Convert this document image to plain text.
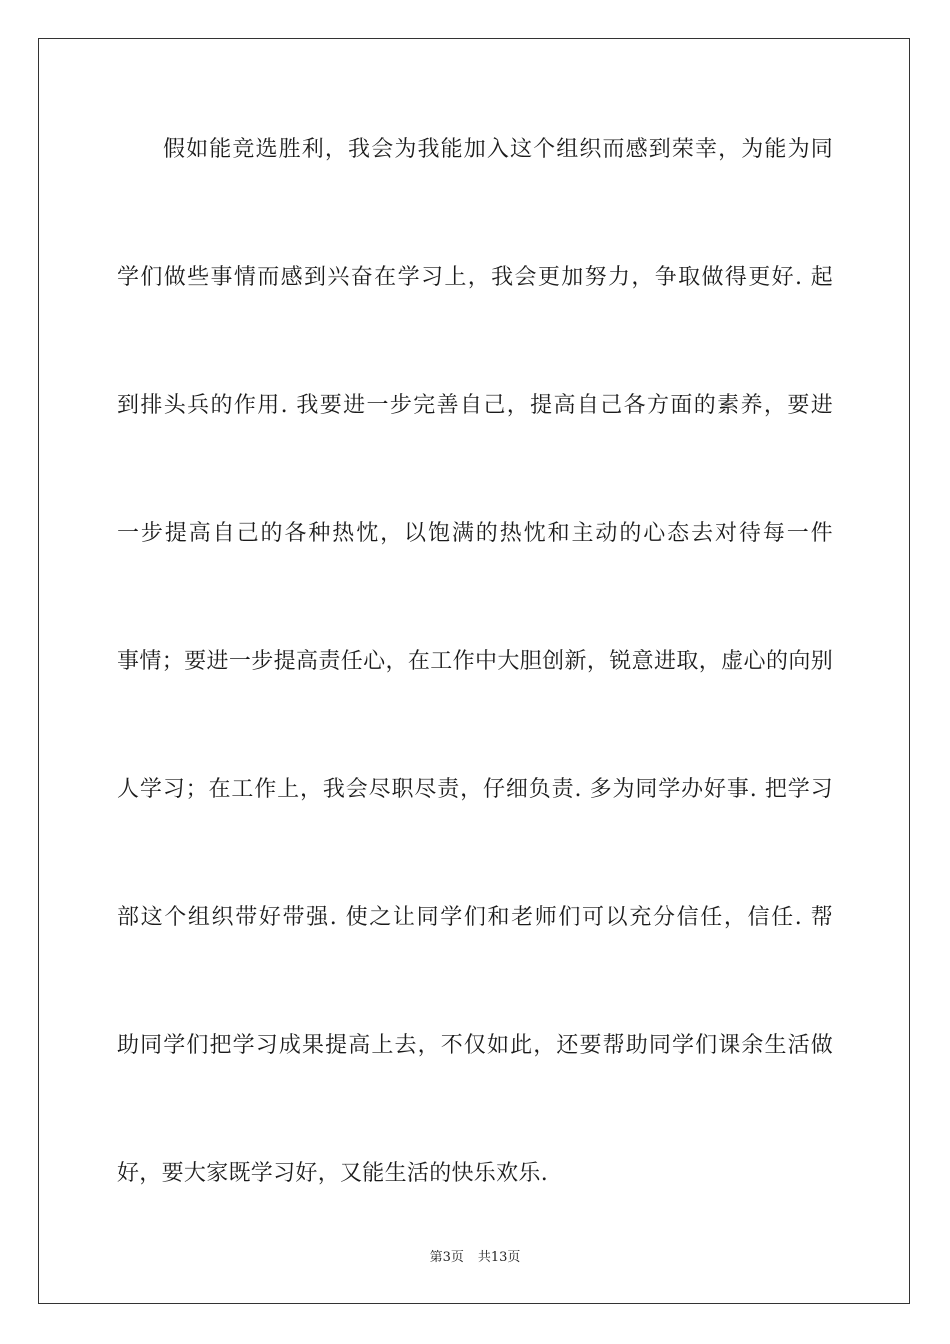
假如能竞选胜利，我会为我能加入这个组织而感到荣幸，为能为同
学们做些事情而感到兴奋在学习上，我会更加努力，争取做得更好. 起
到排头兵的作用. 我要进一步完善自己，提高自己各方面的素养，要进
一步提高自己的各种热忱，以饱满的热忱和主动的心态去对待每一件
事情；要进一步提高责任心，在工作中大胆创新，锐意进取，虚心的向别
人学习；在工作上，我会尽职尽责，仔细负责. 多为同学办好事. 把学习
部这个组织带好带强. 使之让同学们和老师们可以充分信任，信任. 帮
助同学们把学习成果提高上去，不仅如此，还要帮助同学们课余生活做
好，要大家既学习好，又能生活的快乐欢乐.
第3页 共13页
